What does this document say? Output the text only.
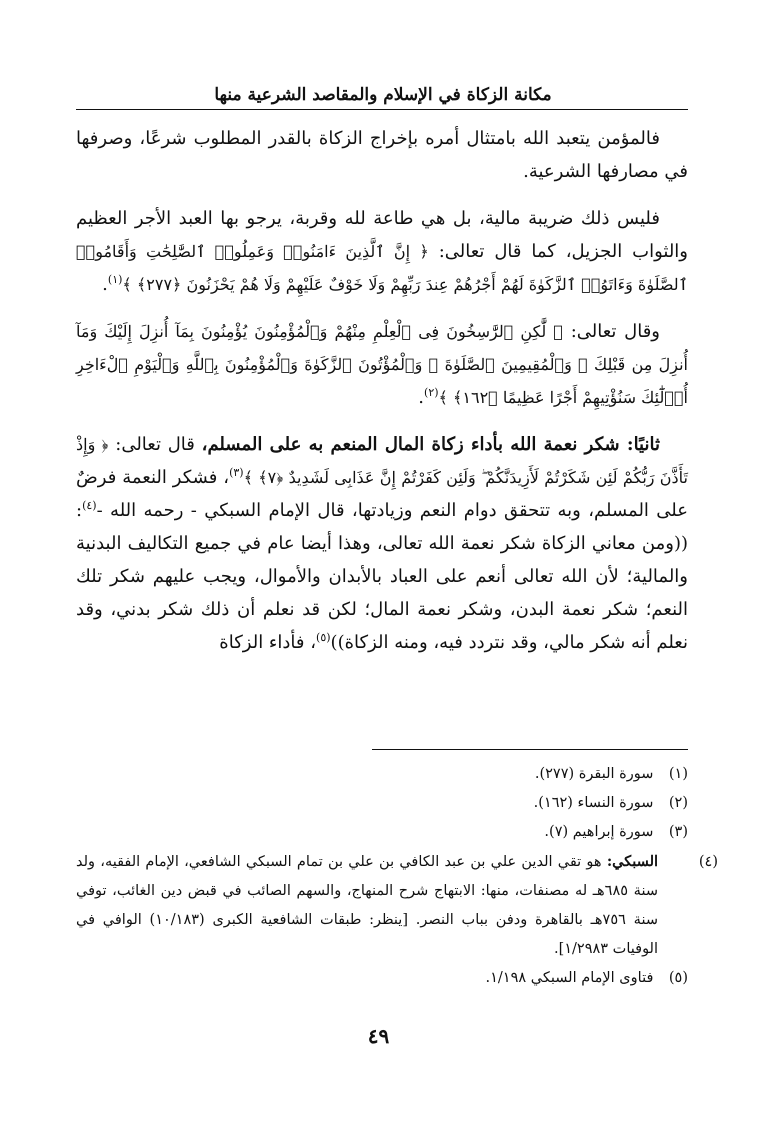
مكانة الزكاة في الإسلام والمقاصد الشرعية منها

فالمؤمن يتعبد الله بامتثال أمره بإخراج الزكاة بالقدر المطلوب شرعًا، وصرفها في مصارفها الشرعية.

فليس ذلك ضريبة مالية، بل هي طاعة لله وقربة، يرجو بها العبد الأجر العظيم والثواب الجزيل، كما قال تعالى: ﴿ إِنَّ ٱلَّذِينَ ءَامَنُوا۟ وَعَمِلُوا۟ ٱلصَّٰلِحَٰتِ وَأَقَامُوا۟ ٱلصَّلَوٰةَ وَءَاتَوُا۟ ٱلزَّكَوٰةَ لَهُمْ أَجْرُهُمْ عِندَ رَبِّهِمْ وَلَا خَوْفٌ عَلَيْهِمْ وَلَا هُمْ يَحْزَنُونَ ﴿٢٧٧﴾ ﴾$^{(١)}$.

وقال تعالى: ﴿ لَّٰكِنِ ٱلرَّٰسِخُونَ فِى ٱلْعِلْمِ مِنْهُمْ وَٱلْمُؤْمِنُونَ يُؤْمِنُونَ بِمَآ أُنزِلَ إِلَيْكَ وَمَآ أُنزِلَ مِن قَبْلِكَ ۚ وَٱلْمُقِيمِينَ ٱلصَّلَوٰةَ ۚ وَٱلْمُؤْتُونَ ٱلزَّكَوٰةَ وَٱلْمُؤْمِنُونَ بِٱللَّهِ وَٱلْيَوْمِ ٱلْءَاخِرِ أُو۟لَٰٓئِكَ سَنُؤْتِيهِمْ أَجْرًا عَظِيمًا ﴿١٦٢﴾ ﴾$^{(٢)}$.

ثانيًا: شكر نعمة الله بأداء زكاة المال المنعم به على المسلم، قال تعالى: ﴿ وَإِذْ تَأَذَّنَ رَبُّكُمْ لَئِن شَكَرْتُمْ لَأَزِيدَنَّكُمْ ۖ وَلَئِن كَفَرْتُمْ إِنَّ عَذَابِى لَشَدِيدٌ ﴿٧﴾ ﴾$^{(٣)}$، فشكر النعمة فرضٌ على المسلم، وبه تتحقق دوام النعم وزيادتها، قال الإمام السبكي - رحمه الله -$^{(٤)}$: ((ومن معاني الزكاة شكر نعمة الله تعالى، وهذا أيضا عام في جميع التكاليف البدنية والمالية؛ لأن الله تعالى أنعم على العباد بالأبدان والأموال، ويجب عليهم شكر تلك النعم؛ شكر نعمة البدن، وشكر نعمة المال؛ لكن قد نعلم أن ذلك شكر بدني، وقد نعلم أنه شكر مالي، وقد نتردد فيه، ومنه الزكاة))$^{(٥)}$، فأداء الزكاة

(١) سورة البقرة (٢٧٧).

(٢) سورة النساء (١٦٢).

(٣) سورة إبراهيم (٧).

(٤)السبكي: هو تقي الدين علي بن عبد الكافي بن علي بن تمام السبكي الشافعي، الإمام الفقيه، ولد سنة ٦٨٥هـ له مصنفات، منها: الابتهاج شرح المنهاج، والسهم الصائب في قبض دين الغائب، توفي سنة ٧٥٦هـ بالقاهرة ودفن بباب النصر. [ينظر: طبقات الشافعية الكبرى (١٠/١٨٣) الوافي في الوفيات ١/٢٩٨٣].

(٥) فتاوى الإمام السبكي ١/١٩٨.

٤٩
